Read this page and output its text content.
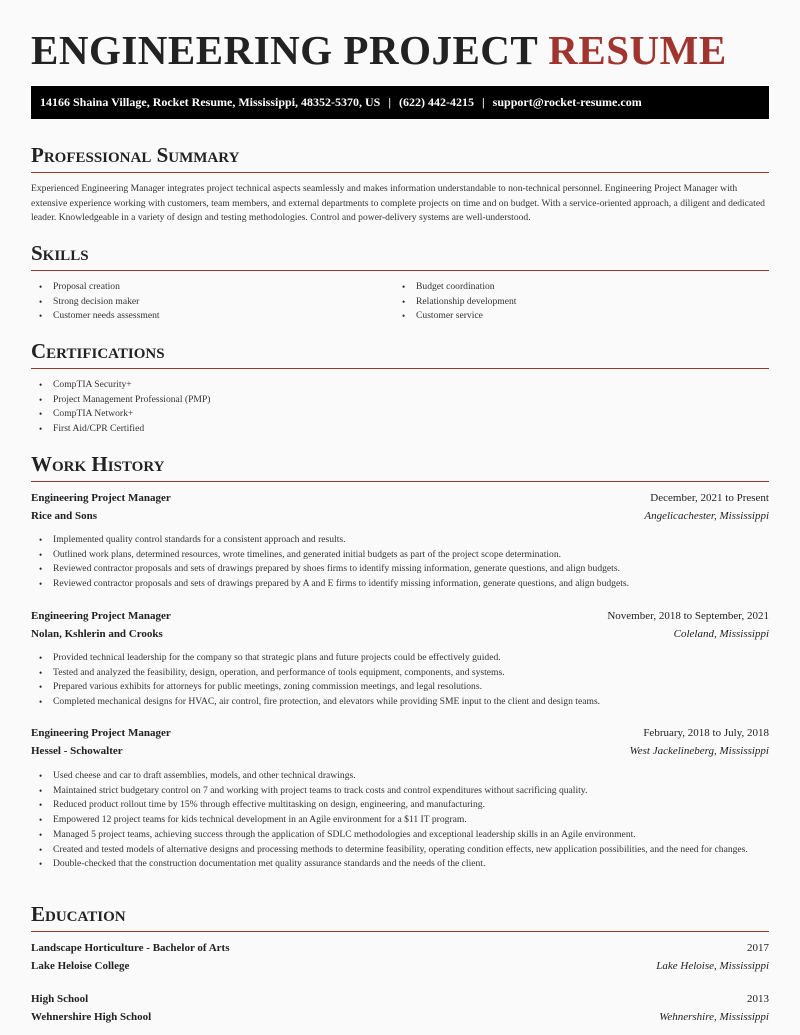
ENGINEERING PROJECT RESUME
14166 Shaina Village, Rocket Resume, Mississippi, 48352-5370, US | (622) 442-4215 | support@rocket-resume.com
Professional Summary
Experienced Engineering Manager integrates project technical aspects seamlessly and makes information understandable to non-technical personnel. Engineering Project Manager with extensive experience working with customers, team members, and external departments to complete projects on time and on budget. With a service-oriented approach, a diligent and dedicated leader. Knowledgeable in a variety of design and testing methodologies. Control and power-delivery systems are well-understood.
Skills
• Proposal creation
• Strong decision maker
• Customer needs assessment
• Budget coordination
• Relationship development
• Customer service
Certifications
• CompTIA Security+
• Project Management Professional (PMP)
• CompTIA Network+
• First Aid/CPR Certified
Work History
Engineering Project Manager	December, 2021 to Present
Rice and Sons	Angelicachester, Mississippi
• Implemented quality control standards for a consistent approach and results.
• Outlined work plans, determined resources, wrote timelines, and generated initial budgets as part of the project scope determination.
• Reviewed contractor proposals and sets of drawings prepared by shoes firms to identify missing information, generate questions, and align budgets.
• Reviewed contractor proposals and sets of drawings prepared by A and E firms to identify missing information, generate questions, and align budgets.
Engineering Project Manager	November, 2018 to September, 2021
Nolan, Kshlerin and Crooks	Coleland, Mississippi
• Provided technical leadership for the company so that strategic plans and future projects could be effectively guided.
• Tested and analyzed the feasibility, design, operation, and performance of tools equipment, components, and systems.
• Prepared various exhibits for attorneys for public meetings, zoning commission meetings, and legal resolutions.
• Completed mechanical designs for HVAC, air control, fire protection, and elevators while providing SME input to the client and design teams.
Engineering Project Manager	February, 2018 to July, 2018
Hessel - Schowalter	West Jackelineberg, Mississippi
• Used cheese and car to draft assemblies, models, and other technical drawings.
• Maintained strict budgetary control on 7 and working with project teams to track costs and control expenditures without sacrificing quality.
• Reduced product rollout time by 15% through effective multitasking on design, engineering, and manufacturing.
• Empowered 12 project teams for kids technical development in an Agile environment for a $11 IT program.
• Managed 5 project teams, achieving success through the application of SDLC methodologies and exceptional leadership skills in an Agile environment.
• Created and tested models of alternative designs and processing methods to determine feasibility, operating condition effects, new application possibilities, and the need for changes.
• Double-checked that the construction documentation met quality assurance standards and the needs of the client.
Education
Landscape Horticulture - Bachelor of Arts	2017
Lake Heloise College	Lake Heloise, Mississippi
High School	2013
Wehnershire High School	Wehnershire, Mississippi
